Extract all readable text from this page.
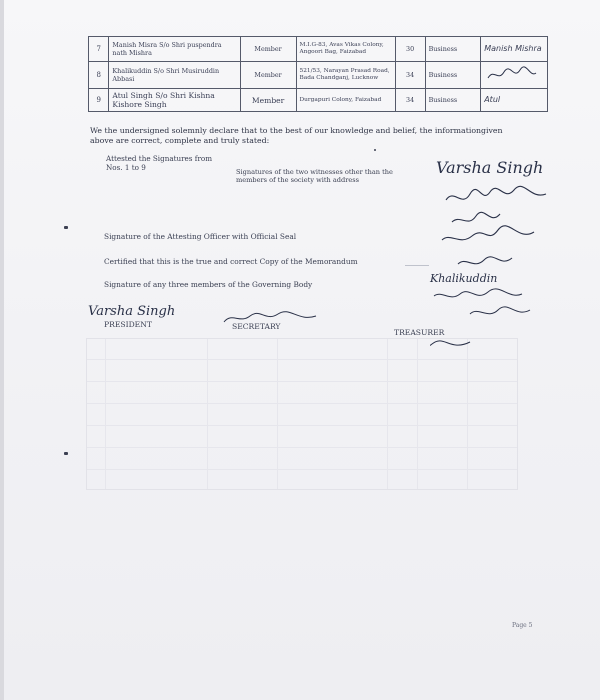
7	Manish Misra S/o Shri puspendra nath Mishra	Member	M.I.G-83, Avas Vikas Colony, Angoori Bag, Faizabad	30	Business	Manish Mishra
8	Khalikuddin S/o Shri Musiruddin Abbasi	Member	521/53, Narayan Prasad Road, Bada Chandganj, Lucknow	34	Business	
9	Atul Singh S/o Shri Kishna Kishore Singh	Member	Durgapuri Colony, Faizabad	34	Business	Atul
We the undersigned solemnly declare that to the best of our knowledge and belief, the informationgiven above are correct, complete and truly stated:
Attested the Signatures from Nos. 1 to 9	Signatures of the two witnesses other than the members of the society with address
Varsha Singh
Signature of the Attesting Officer with Official Seal
Certified that this is the true and correct Copy of the Memorandum
Signature of any three members of the Governing Body	Khalikuddin
Varsha Singh
PRESIDENT	SECRETARY
TREASURER
Page 5
